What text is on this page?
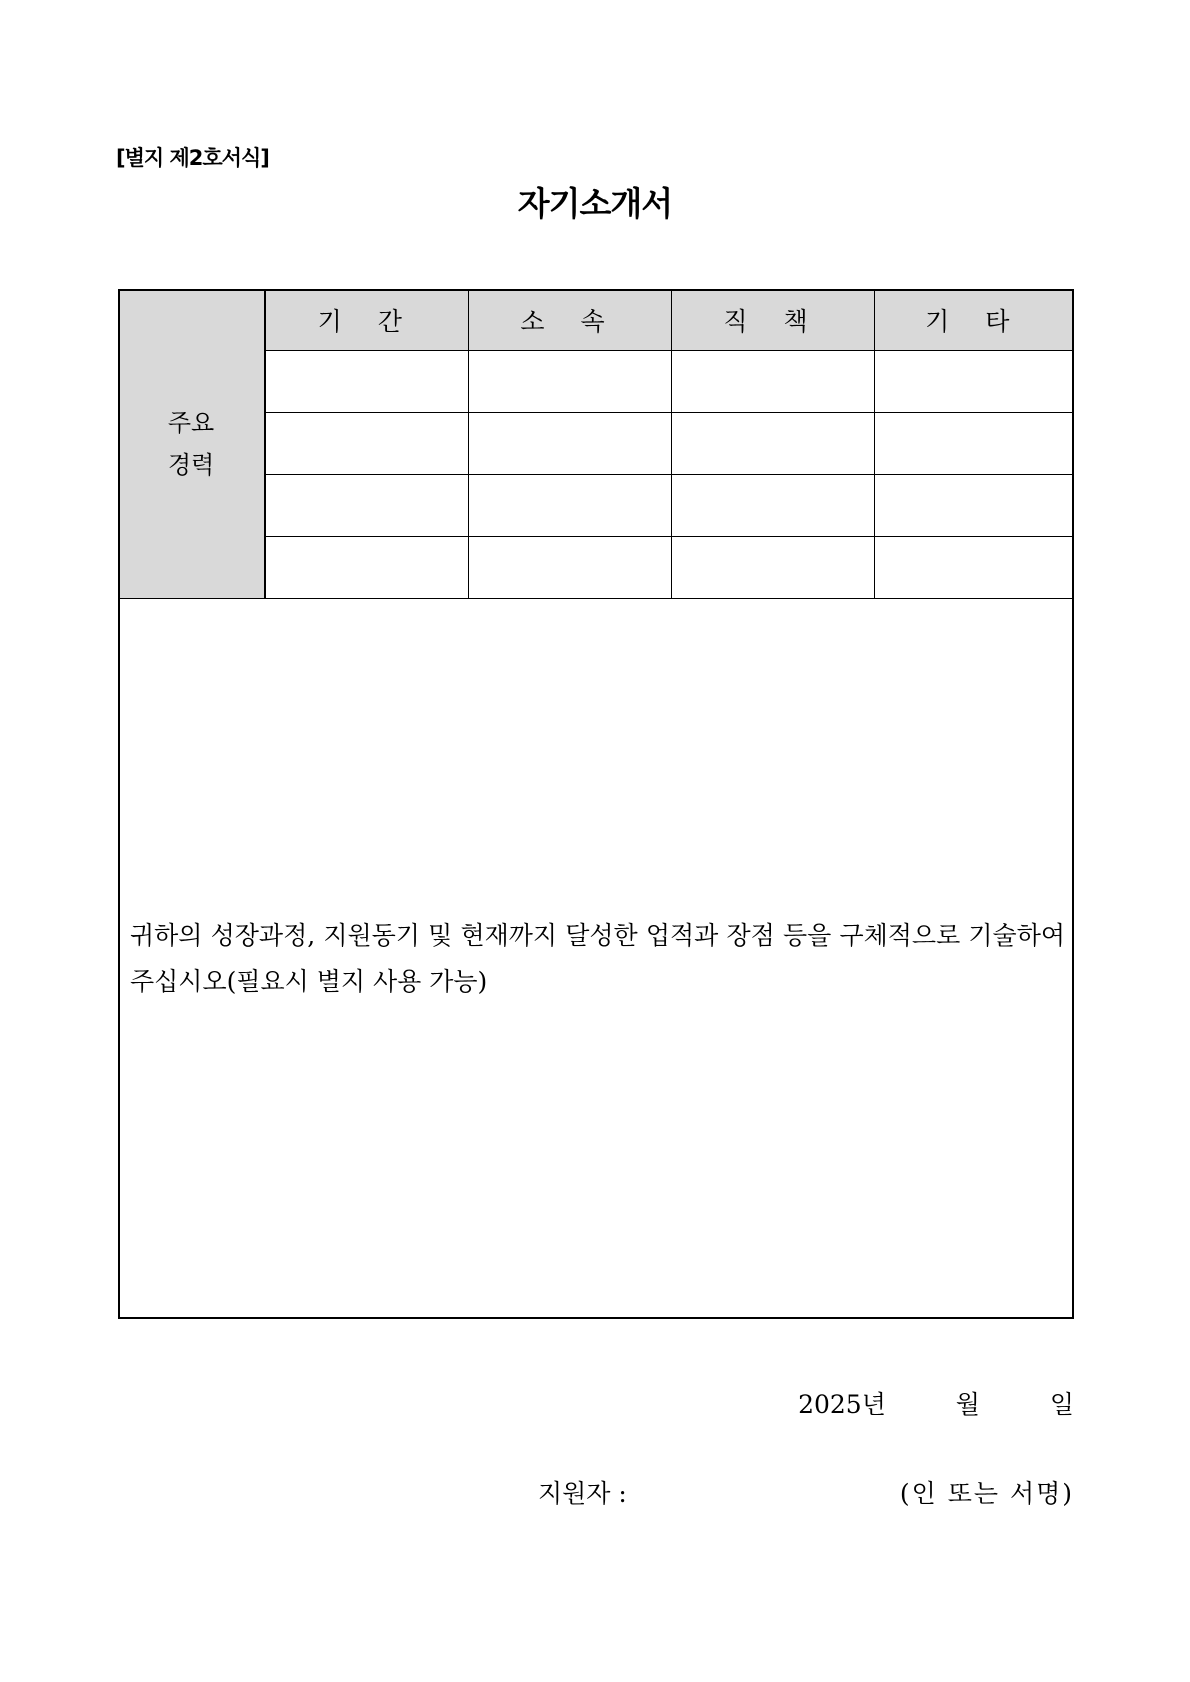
[별지 제2호서식]
자기소개서
주요
경력	기 간	소 속	직 책	기 타

귀하의 성장과정, 지원동기 및 현재까지 달성한 업적과 장점 등을 구체적으로 기술하여 주십시오(필요시 별지 사용 가능)
2025년	월	일
지원자 :	(인 또는 서명)
